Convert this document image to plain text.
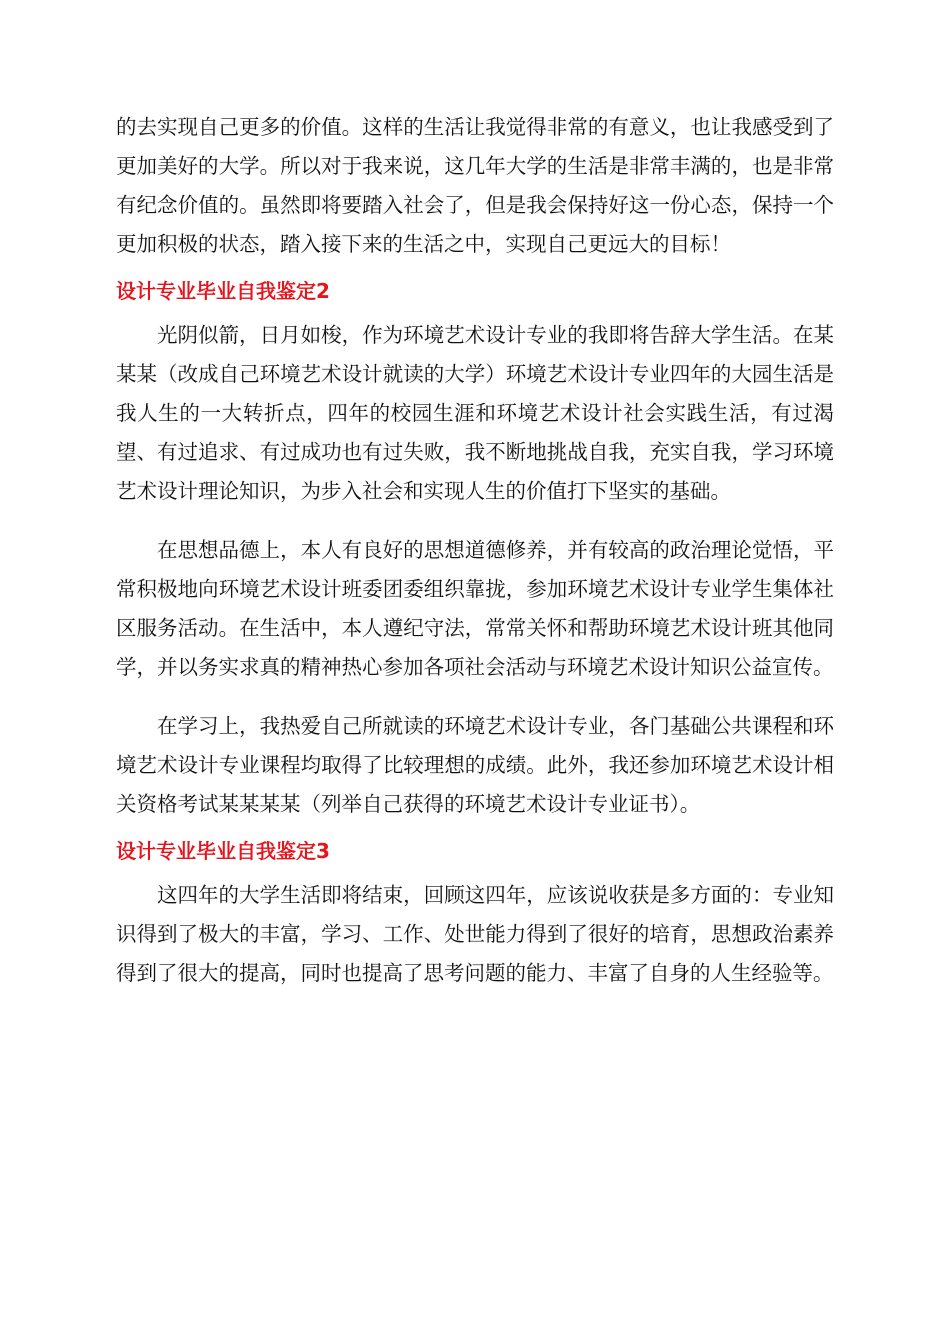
的去实现自己更多的价值。这样的生活让我觉得非常的有意义，也让我感受到了更加美好的大学。所以对于我来说，这几年大学的生活是非常丰满的，也是非常有纪念价值的。虽然即将要踏入社会了，但是我会保持好这一份心态，保持一个更加积极的状态，踏入接下来的生活之中，实现自己更远大的目标！

设计专业毕业自我鉴定2

光阴似箭，日月如梭，作为环境艺术设计专业的我即将告辞大学生活。在某某某（改成自己环境艺术设计就读的大学）环境艺术设计专业四年的大园生活是我人生的一大转折点，四年的校园生涯和环境艺术设计社会实践生活，有过渴望、有过追求、有过成功也有过失败，我不断地挑战自我，充实自我，学习环境艺术设计理论知识，为步入社会和实现人生的价值打下坚实的基础。

在思想品德上，本人有良好的思想道德修养，并有较高的政治理论觉悟，平常积极地向环境艺术设计班委团委组织靠拢，参加环境艺术设计专业学生集体社区服务活动。在生活中，本人遵纪守法，常常关怀和帮助环境艺术设计班其他同学，并以务实求真的精神热心参加各项社会活动与环境艺术设计知识公益宣传。

在学习上，我热爱自己所就读的环境艺术设计专业，各门基础公共课程和环境艺术设计专业课程均取得了比较理想的成绩。此外，我还参加环境艺术设计相关资格考试某某某某（列举自己获得的环境艺术设计专业证书）。

设计专业毕业自我鉴定3

这四年的大学生活即将结束，回顾这四年，应该说收获是多方面的：专业知识得到了极大的丰富，学习、工作、处世能力得到了很好的培育，思想政治素养得到了很大的提高，同时也提高了思考问题的能力、丰富了自身的人生经验等。
